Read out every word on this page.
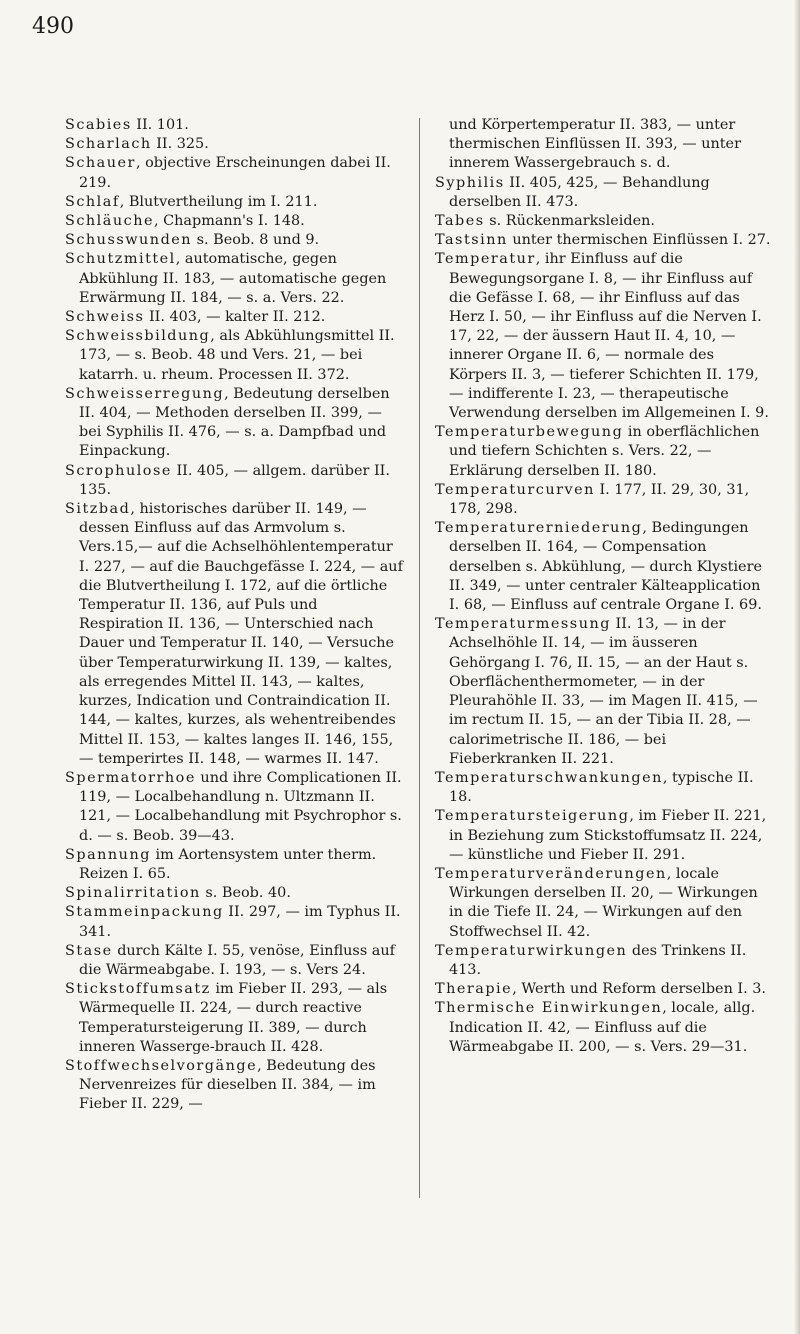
490

Scabies II. 101.

Scharlach II. 325.

Schauer, objective Erscheinungen dabei II. 219.

Schlaf, Blutvertheilung im I. 211.

Schläuche, Chapmann's I. 148.

Schusswunden s. Beob. 8 und 9.

Schutzmittel, automatische, gegen Abkühlung II. 183, — automatische gegen Erwärmung II. 184, — s. a. Vers. 22.

Schweiss II. 403, — kalter II. 212.

Schweissbildung, als Abkühlungsmittel II. 173, — s. Beob. 48 und Vers. 21, — bei katarrh. u. rheum. Processen II. 372.

Schweisserregung, Bedeutung derselben II. 404, — Methoden derselben II. 399, — bei Syphilis II. 476, — s. a. Dampfbad und Einpackung.

Scrophulose II. 405, — allgem. darüber II. 135.

Sitzbad, historisches darüber II. 149, —dessen Einfluss auf das Armvolum s. Vers.15,— auf die Achselhöhlentemperatur I. 227, — auf die Bauchgefässe I. 224, — auf die Blutvertheilung I. 172, auf die örtliche Temperatur II. 136, auf Puls und Respiration II. 136, — Unterschied nach Dauer und Temperatur II. 140, — Versuche über Temperaturwirkung II. 139, — kaltes, als erregendes Mittel II. 143, — kaltes, kurzes, Indication und Contraindication II. 144, — kaltes, kurzes, als wehentreibendes Mittel II. 153, — kaltes langes II. 146, 155, — temperirtes II. 148, — warmes II. 147.

Spermatorrhoe und ihre Complicationen II. 119, — Localbehandlung n. Ultzmann II. 121, — Localbehandlung mit Psychrophor s. d. — s. Beob. 39—43.

Spannung im Aortensystem unter therm. Reizen I. 65.

Spinalirritation s. Beob. 40.

Stammeinpackung II. 297, — im Typhus II. 341.

Stase durch Kälte I. 55, venöse, Einfluss auf die Wärmeabgabe. I. 193, — s. Vers 24.

Stickstoffumsatz im Fieber II. 293, — als Wärmequelle II. 224, — durch reactive Temperatursteigerung II. 389, — durch inneren Wasserge-brauch II. 428.

Stoffwechselvorgänge, Bedeutung des Nervenreizes für dieselben II. 384, — im Fieber II. 229, —

und Körpertemperatur II. 383, — unter thermischen Einflüssen II. 393, — unter innerem Wassergebrauch s. d.

Syphilis II. 405, 425, — Behandlung derselben II. 473.

Tabes s. Rückenmarksleiden.

Tastsinn unter thermischen Einflüssen I. 27.

Temperatur, ihr Einfluss auf die Bewegungsorgane I. 8, — ihr Einfluss auf die Gefässe I. 68, — ihr Einfluss auf das Herz I. 50, — ihr Einfluss auf die Nerven I. 17, 22, — der äussern Haut II. 4, 10, — innerer Organe II. 6, — normale des Körpers II. 3, — tieferer Schichten II. 179, — indifferente I. 23, — therapeutische Verwendung derselben im Allgemeinen I. 9.

Temperaturbewegung in oberflächlichen und tiefern Schichten s. Vers. 22, — Erklärung derselben II. 180.

Temperaturcurven I. 177, II. 29, 30, 31, 178, 298.

Temperaturerniederung, Bedingungen derselben II. 164, — Compensation derselben s. Abkühlung, — durch Klystiere II. 349, — unter centraler Kälteapplication I. 68, — Einfluss auf centrale Organe I. 69.

Temperaturmessung II. 13, — in der Achselhöhle II. 14, — im äusseren Gehörgang I. 76, II. 15, — an der Haut s. Oberflächenthermometer, — in der Pleurahöhle II. 33, — im Magen II. 415, — im rectum II. 15, — an der Tibia II. 28, — calorimetrische II. 186, — bei Fieberkranken II. 221.

Temperaturschwankungen, typische II. 18.

Temperatursteigerung, im Fieber II. 221, in Beziehung zum Stickstoffumsatz II. 224, — künstliche und Fieber II. 291.

Temperaturveränderungen, locale Wirkungen derselben II. 20, — Wirkungen in die Tiefe II. 24, — Wirkungen auf den Stoffwechsel II. 42.

Temperaturwirkungen des Trinkens II. 413.

Therapie, Werth und Reform derselben I. 3.

Thermische Einwirkungen, locale, allg. Indication II. 42, — Einfluss auf die Wärmeabgabe II. 200, — s. Vers. 29—31.
